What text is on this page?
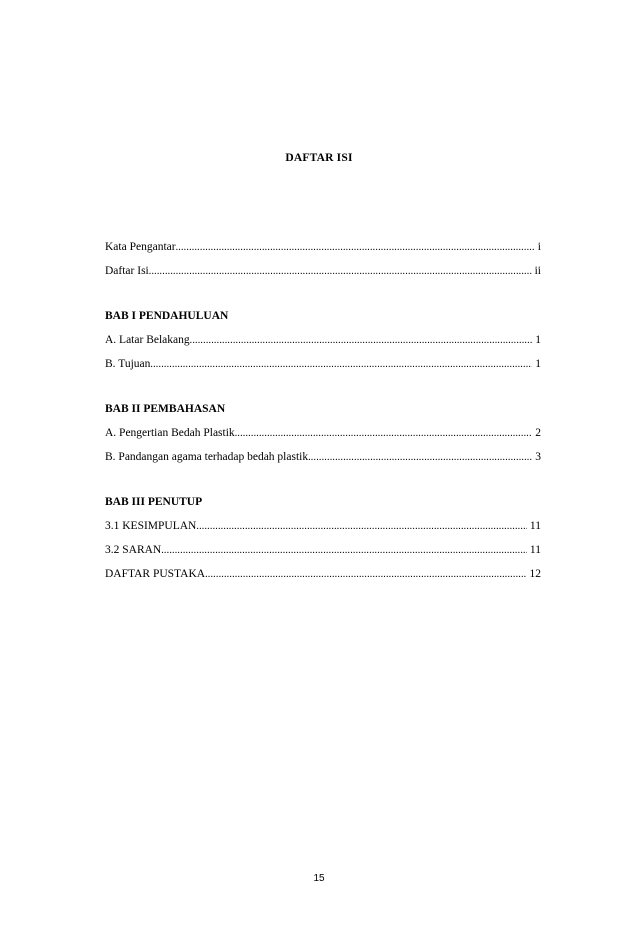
DAFTAR ISI
Kata Pengantar .....	i
Daftar Isi .....	ii
BAB I PENDAHULUAN
A. Latar Belakang .....	1
B. Tujuan .....	1
BAB II PEMBAHASAN
A. Pengertian Bedah Plastik .....	2
B. Pandangan agama terhadap bedah plastik .....	3
BAB III PENUTUP
3.1 KESIMPULAN .....	11
3.2 SARAN .....	11
DAFTAR PUSTAKA .....	12
15
